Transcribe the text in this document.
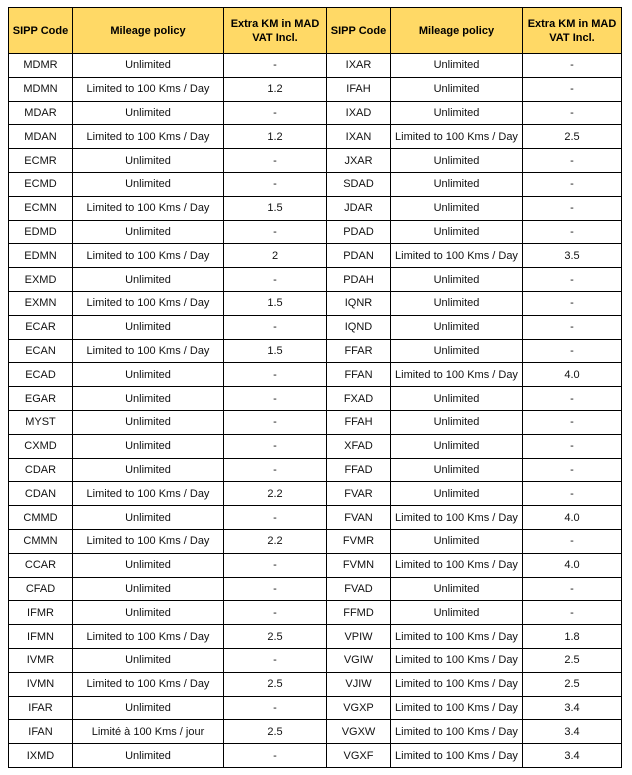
SIPP Code	Mileage policy	Extra KM in MAD VAT Incl.	SIPP Code	Mileage policy	Extra KM in MAD VAT Incl.
MDMR	Unlimited	-	IXAR	Unlimited	-
MDMN	Limited to 100 Kms / Day	1.2	IFAH	Unlimited	-
MDAR	Unlimited	-	IXAD	Unlimited	-
MDAN	Limited to 100 Kms / Day	1.2	IXAN	Limited to 100 Kms / Day	2.5
ECMR	Unlimited	-	JXAR	Unlimited	-
ECMD	Unlimited	-	SDAD	Unlimited	-
ECMN	Limited to 100 Kms / Day	1.5	JDAR	Unlimited	-
EDMD	Unlimited	-	PDAD	Unlimited	-
EDMN	Limited to 100 Kms / Day	2	PDAN	Limited to 100 Kms / Day	3.5
EXMD	Unlimited	-	PDAH	Unlimited	-
EXMN	Limited to 100 Kms / Day	1.5	IQNR	Unlimited	-
ECAR	Unlimited	-	IQND	Unlimited	-
ECAN	Limited to 100 Kms / Day	1.5	FFAR	Unlimited	-
ECAD	Unlimited	-	FFAN	Limited to 100 Kms / Day	4.0
EGAR	Unlimited	-	FXAD	Unlimited	-
MYST	Unlimited	-	FFAH	Unlimited	-
CXMD	Unlimited	-	XFAD	Unlimited	-
CDAR	Unlimited	-	FFAD	Unlimited	-
CDAN	Limited to 100 Kms / Day	2.2	FVAR	Unlimited	-
CMMD	Unlimited	-	FVAN	Limited to 100 Kms / Day	4.0
CMMN	Limited to 100 Kms / Day	2.2	FVMR	Unlimited	-
CCAR	Unlimited	-	FVMN	Limited to 100 Kms / Day	4.0
CFAD	Unlimited	-	FVAD	Unlimited	-
IFMR	Unlimited	-	FFMD	Unlimited	-
IFMN	Limited to 100 Kms / Day	2.5	VPIW	Limited to 100 Kms / Day	1.8
IVMR	Unlimited	-	VGIW	Limited to 100 Kms / Day	2.5
IVMN	Limited to 100 Kms / Day	2.5	VJIW	Limited to 100 Kms / Day	2.5
IFAR	Unlimited	-	VGXP	Limited to 100 Kms / Day	3.4
IFAN	Limité à 100 Kms / jour	2.5	VGXW	Limited to 100 Kms / Day	3.4
IXMD	Unlimited	-	VGXF	Limited to 100 Kms / Day	3.4
